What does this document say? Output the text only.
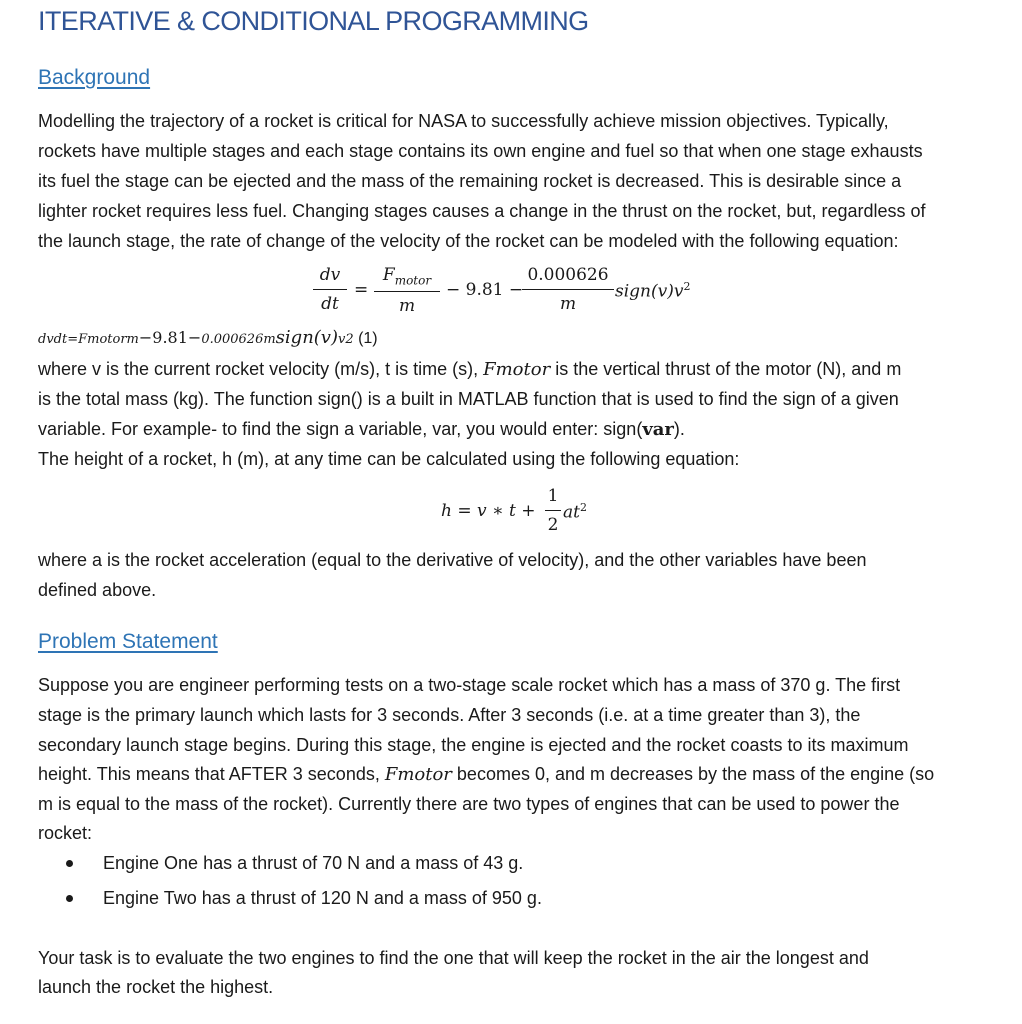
ITERATIVE & CONDITIONAL PROGRAMMING
Background
Modelling the trajectory of a rocket is critical for NASA to successfully achieve mission objectives. Typically,
rockets have multiple stages and each stage contains its own engine and fuel so that when one stage exhausts
its fuel the stage can be ejected and the mass of the remaining rocket is decreased. This is desirable since a
lighter rocket requires less fuel. Changing stages causes a change in the thrust on the rocket, but, regardless of
the launch stage, the rate of change of the velocity of the rocket can be modeled with the following equation:
$\frac{dv}{dt}$ =
$F_{motor}$
m
− 9.81 −
$\frac{0.000626}{m}$ $sign(v)v^2$
dvdt=Fmotorm−9.81−0.000626msign(v)v2 (1)
where v is the current rocket velocity (m/s), t is time (s), Fmotor is the vertical thrust of the motor (N), and m
is the total mass (kg). The function sign() is a built in MATLAB function that is used to find the sign of a given
variable. For example- to find the sign a variable, var, you would enter: sign(var).
The height of a rocket, h (m), at any time can be calculated using the following equation:
h = v ∗ $t + \frac{1}{2} at^2$
where a is the rocket acceleration (equal to the derivative of velocity), and the other variables have been
defined above.
Problem Statement
Suppose you are engineer performing tests on a two-stage scale rocket which has a mass of 370 g. The first
stage is the primary launch which lasts for 3 seconds. After 3 seconds (i.e. at a time greater than 3), the
secondary launch stage begins. During this stage, the engine is ejected and the rocket coasts to its maximum
height. This means that AFTER 3 seconds, Fmotor becomes 0, and m decreases by the mass of the engine (so
m is equal to the mass of the rocket). Currently there are two types of engines that can be used to power the
rocket:
Engine One has a thrust of 70 N and a mass of 43 g.
Engine Two has a thrust of 120 N and a mass of 950 g.
Your task is to evaluate the two engines to find the one that will keep the rocket in the air the longest and
launch the rocket the highest.
